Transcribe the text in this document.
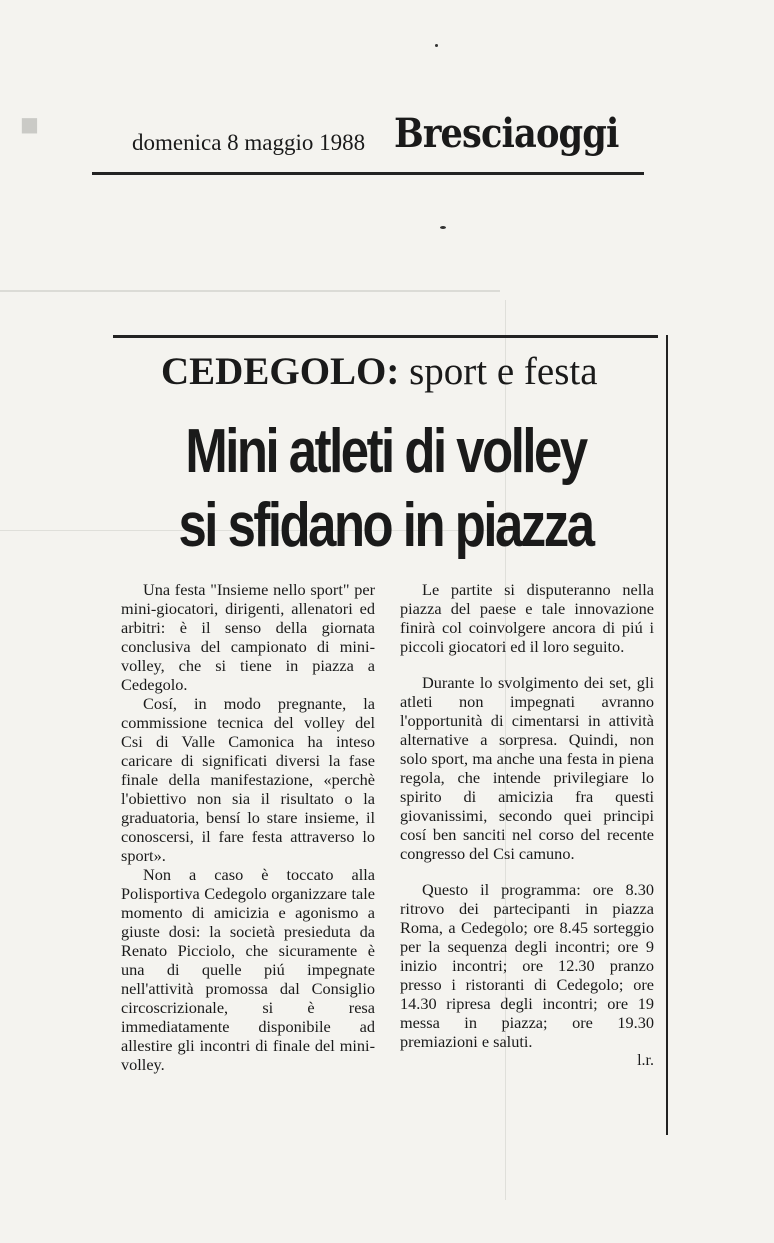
■
domenica 8 maggio 1988 Bresciaoggi
CEDEGOLO: sport e festa
Mini atleti di volley
si sfidano in piazza

Una festa "Insieme nello sport" per mini-giocatori, dirigenti, allenatori ed arbitri: è il senso della giornata conclusiva del campionato di mini-volley, che si tiene in piazza a Cedegolo.

Cosí, in modo pregnante, la commissione tecnica del volley del Csi di Valle Camonica ha inteso caricare di significati diversi la fase finale della manifestazione, «perchè l'obiettivo non sia il risultato o la graduatoria, bensí lo stare insieme, il conoscersi, il fare festa attraverso lo sport».

Non a caso è toccato alla Polisportiva Cedegolo organizzare tale momento di amicizia e agonismo a giuste dosi: la società presieduta da Renato Picciolo, che sicuramente è una di quelle piú impegnate nell'attività promossa dal Consiglio circoscrizionale, si è resa immediatamente disponibile ad allestire gli incontri di finale del mini-volley.

Le partite si disputeranno nella piazza del paese e tale innovazione finirà col coinvolgere ancora di piú i piccoli giocatori ed il loro seguito.

Durante lo svolgimento dei set, gli atleti non impegnati avranno l'opportunità di cimentarsi in attività alternative a sorpresa. Quindi, non solo sport, ma anche una festa in piena regola, che intende privilegiare lo spirito di amicizia fra questi giovanissimi, secondo quei principi cosí ben sanciti nel corso del recente congresso del Csi camuno.

Questo il programma: ore 8.30 ritrovo dei partecipanti in piazza Roma, a Cedegolo; ore 8.45 sorteggio per la sequenza degli incontri; ore 9 inizio incontri; ore 12.30 pranzo presso i ristoranti di Cedegolo; ore 14.30 ripresa degli incontri; ore 19 messa in piazza; ore 19.30 premiazioni e saluti.

l.r.
